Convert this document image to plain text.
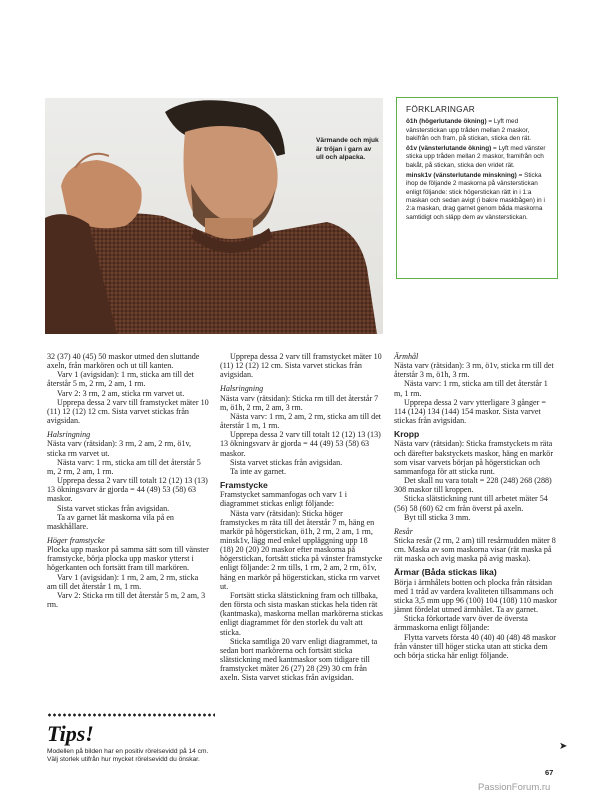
Värmande och mjuk är tröjan i garn av ull och alpacka.
FÖRKLARINGAR

ö1h (högerlutande ökning) = Lyft med vänsterstickan upp tråden mellan 2 maskor, bakifrån och fram, på stickan, sticka den rät.

ö1v (vänsterlutande ökning) = Lyft med vänster sticka upp tråden mellan 2 maskor, framifrån och bakåt, på stickan, sticka den vridet rät.

minsk1v (vänsterlutande minskning) = Sticka ihop de följande 2 maskorna på vänsterstickan enligt följande: stick högerstickan rätt in i 1:a maskan och sedan avigt (i bakre maskbågen) in i 2:a maskan, drag garnet genom båda maskorna samtidigt och släpp dem av vänsterstickan.

32 (37) 40 (45) 50 maskor utmed den sluttande axeln, från markören och ut till kanten.

Varv 1 (avigsidan): 1 rm, sticka am till det återstår 5 m, 2 rm, 2 am, 1 rm.

Varv 2: 3 rm, 2 am, sticka rm varvet ut.

Upprepa dessa 2 varv till framstycket mäter 10 (11) 12 (12) 12 cm. Sista varvet stickas från avigsidan.

Halsringning

Nästa varv (rätsidan): 3 rm, 2 am, 2 rm, ö1v, sticka rm varvet ut.

Nästa varv: 1 rm, sticka am till det återstår 5 m, 2 rm, 2 am, 1 rm.

Upprepa dessa 2 varv till totalt 12 (12) 13 (13) 13 ökningsvarv är gjorda = 44 (49) 53 (58) 63 maskor.

Sista varvet stickas från avigsidan.

Ta av garnet låt maskorna vila på en maskhållare.

Höger framstycke

Plocka upp maskor på samma sätt som till vänster framstycke, börja plocka upp maskor ytterst i högerkanten och fortsätt fram till markören.

Varv 1 (avigsidan): 1 rm, 2 am, 2 rm, sticka am till det återstår 1 m, 1 rm.

Varv 2: Sticka rm till det återstår 5 m, 2 am, 3 rm.

Upprepa dessa 2 varv till framstycket mäter 10 (11) 12 (12) 12 cm. Sista varvet stickas från avigsidan.

Halsringning

Nästa varv (rätsidan): Sticka rm till det återstår 7 m, ö1h, 2 rm, 2 am, 3 rm.

Nästa varv: 1 rm, 2 am, 2 rm, sticka am till det återstår 1 m, 1 rm.

Upprepa dessa 2 varv till totalt 12 (12) 13 (13) 13 ökningsvarv är gjorda = 44 (49) 53 (58) 63 maskor.

Sista varvet stickas från avigsidan.

Ta inte av garnet.

Framstycke

Framstycket sammanfogas och varv 1 i diagrammet stickas enligt följande:

Nästa varv (rätsidan): Sticka höger framstyckes m räta till det återstår 7 m, häng en markör på högerstickan, ö1h, 2 rm, 2 am, 1 rm, minsk1v, lägg med enkel uppläggning upp 18 (18) 20 (20) 20 maskor efter maskorna på högerstickan, fortsätt sticka på vänster framstycke enligt följande: 2 rm tills, 1 rm, 2 am, 2 rm, ö1v, häng en markör på högerstickan, sticka rm varvet ut.

Fortsätt sticka slätstickning fram och tillbaka, den första och sista maskan stickas hela tiden rät (kantmaska), maskorna mellan markörerna stickas enligt diagrammet för den storlek du valt att sticka.

Sticka samtliga 20 varv enligt diagrammet, ta sedan bort markörerna och fortsätt sticka slätstickning med kantmaskor som tidigare till framstycket mäter 26 (27) 28 (29) 30 cm från axeln. Sista varvet stickas från avigsidan.

Ärmhål

Nästa varv (rätsidan): 3 rm, ö1v, sticka rm till det återstår 3 m, ö1h, 3 rm.

Nästa varv: 1 rm, sticka am till det återstår 1 m, 1 rm.

Upprepa dessa 2 varv ytterligare 3 gånger = 114 (124) 134 (144) 154 maskor. Sista varvet stickas från avigsidan.

Kropp

Nästa varv (rätsidan): Sticka framstyckets m räta och därefter bakstyckets maskor, häng en markör som visar varvets början på högerstickan och sammanfoga för att sticka runt.

Det skall nu vara totalt = 228 (248) 268 (288) 308 maskor till kroppen.

Sticka slätstickning runt till arbetet mäter 54 (56) 58 (60) 62 cm från överst på axeln.

Byt till sticka 3 mm.

Resår

Sticka resår (2 rm, 2 am) till resårmudden mäter 8 cm. Maska av som maskorna visar (rät maska på rät maska och avig maska på avig maska).

Ärmar (Båda stickas lika)

Börja i ärmhålets botten och plocka från rätsidan med 1 tråd av vardera kvaliteten tillsammans och sticka 3,5 mm upp 96 (100) 104 (108) 110 maskor jämnt fördelat utmed ärmhålet. Ta av garnet.

Sticka förkortade varv över de översta ärmmaskorna enligt följande:

Flytta varvets första 40 (40) 40 (48) 48 maskor från vänster till höger sticka utan att sticka dem och börja sticka här enligt följande.

Tips!
Modellen på bilden har en positiv rörelsevidd på 14 cm. Välj storlek utifrån hur mycket rörelsevidd du önskar.
➤
67
PassionForum.ru
